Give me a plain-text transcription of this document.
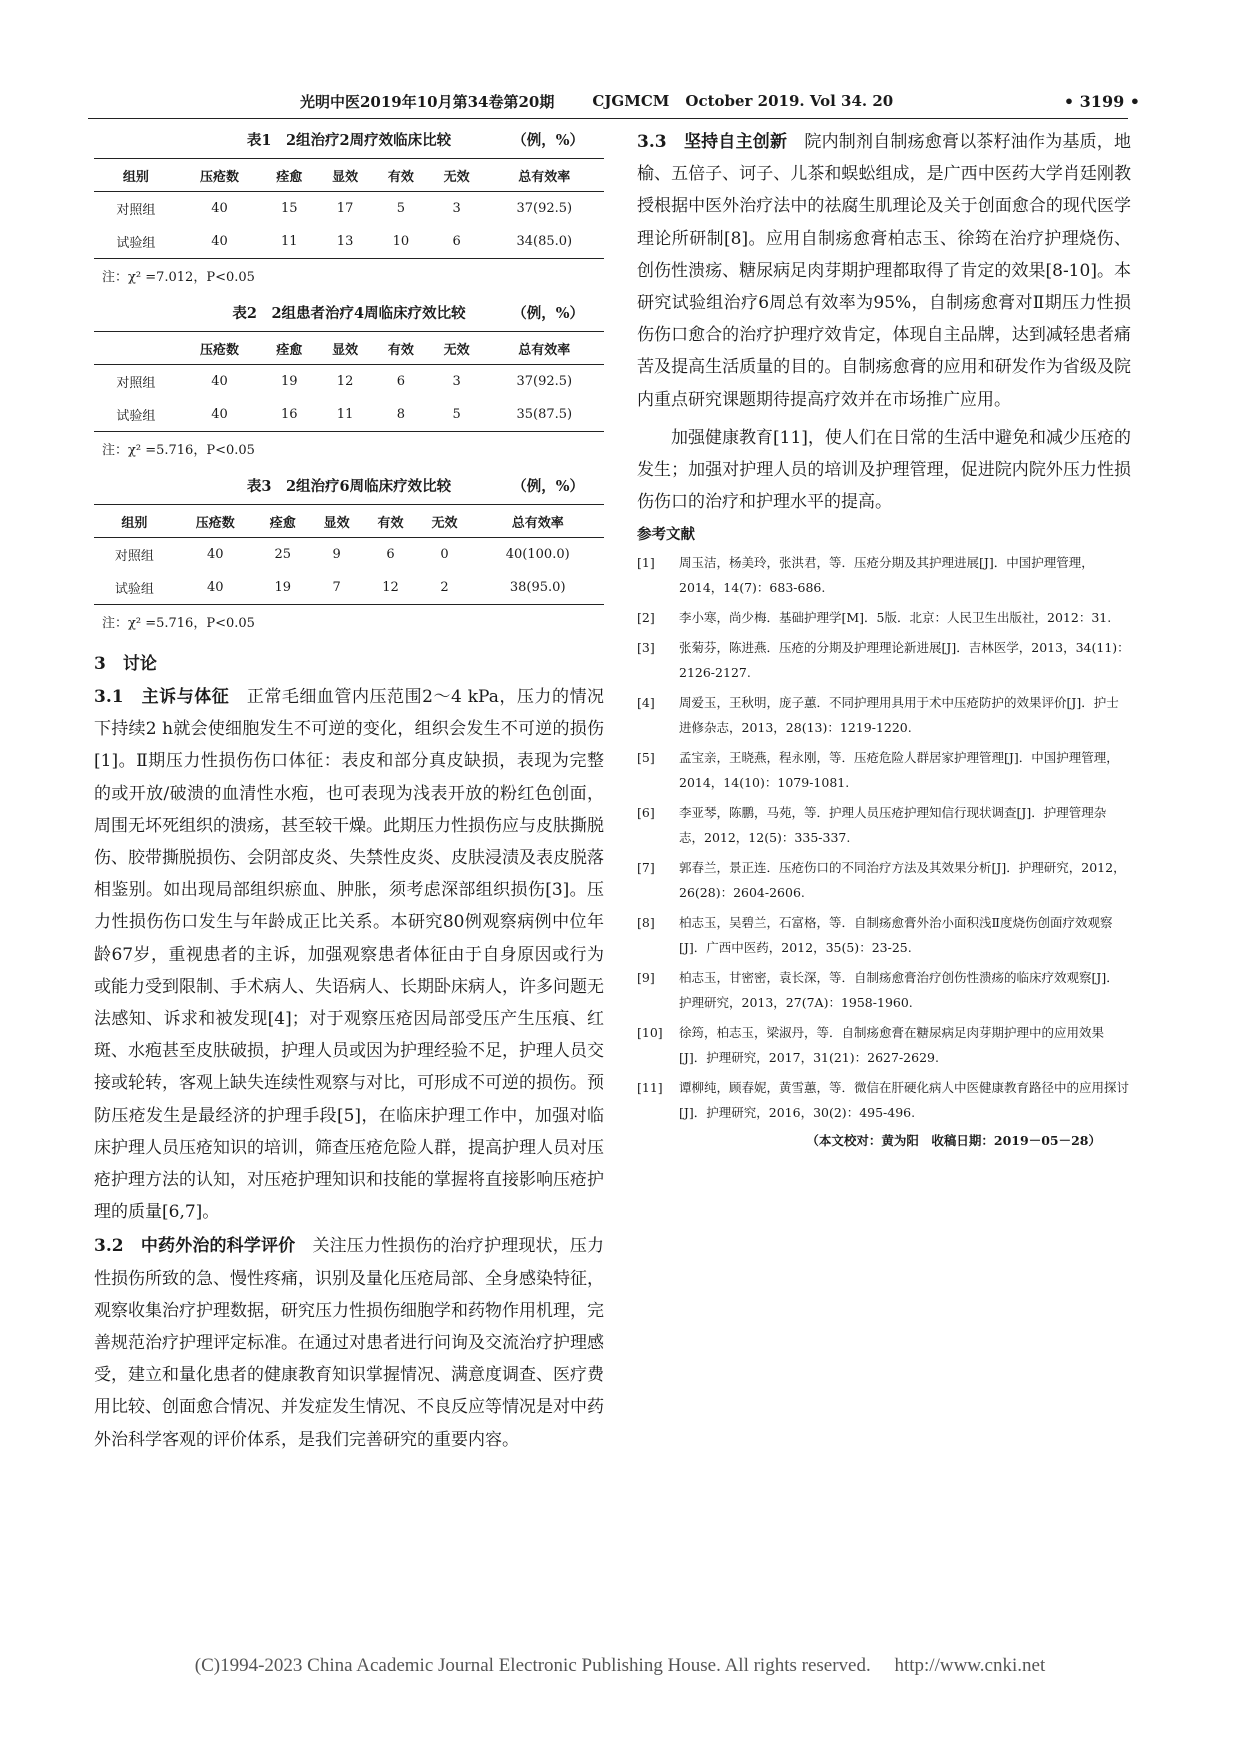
光明中医2019年10月第34卷第20期	CJGMCM October 2019. Vol 34. 20	• 3199 •
表1　2组治疗2周疗效临床比较	（例，%）
组别	压疮数	痊愈	显效	有效	无效	总有效率
对照组	40	15	17	5	3	37(92.5)
试验组	40	11	13	10	6	34(85.0)
注：χ² =7.012，P<0.05
表2　2组患者治疗4周临床疗效比较	（例，%）
	压疮数	痊愈	显效	有效	无效	总有效率
对照组	40	19	12	6	3	37(92.5)
试验组	40	16	11	8	5	35(87.5)
注：χ² =5.716，P<0.05
表3　2组治疗6周临床疗效比较	（例，%）
组别	压疮数	痊愈	显效	有效	无效	总有效率
对照组	40	25	9	6	0	40(100.0)
试验组	40	19	7	12	2	38(95.0)
注：χ² =5.716，P<0.05
3　讨论

3.1　主诉与体征　 正常毛细血管内压范围2～4 kPa，压力的情况下持续2 h就会使细胞发生不可逆的变化，组织会发生不可逆的损伤[1]。Ⅱ期压力性损伤伤口体征：表皮和部分真皮缺损，表现为完整的或开放/破溃的血清性水疱，也可表现为浅表开放的粉红色创面，周围无坏死组织的溃疡，甚至较干燥。此期压力性损伤应与皮肤撕脱伤、胶带撕脱损伤、会阴部皮炎、失禁性皮炎、皮肤浸渍及表皮脱落相鉴别。如出现局部组织瘀血、肿胀，须考虑深部组织损伤[3]。压力性损伤伤口发生与年龄成正比关系。本研究80例观察病例中位年龄67岁，重视患者的主诉，加强观察患者体征由于自身原因或行为或能力受到限制、手术病人、失语病人、长期卧床病人，许多问题无法感知、诉求和被发现[4]；对于观察压疮因局部受压产生压痕、红斑、水疱甚至皮肤破损，护理人员或因为护理经验不足，护理人员交接或轮转，客观上缺失连续性观察与对比，可形成不可逆的损伤。预防压疮发生是最经济的护理手段[5]，在临床护理工作中，加强对临床护理人员压疮知识的培训，筛查压疮危险人群，提高护理人员对压疮护理方法的认知，对压疮护理知识和技能的掌握将直接影响压疮护理的质量[6,7]。

3.2　中药外治的科学评价　 关注压力性损伤的治疗护理现状，压力性损伤所致的急、慢性疼痛，识别及量化压疮局部、全身感染特征，观察收集治疗护理数据，研究压力性损伤细胞学和药物作用机理，完善规范治疗护理评定标准。在通过对患者进行问询及交流治疗护理感受，建立和量化患者的健康教育知识掌握情况、满意度调查、医疗费用比较、创面愈合情况、并发症发生情况、不良反应等情况是对中药外治科学客观的评价体系，是我们完善研究的重要内容。

3.3　坚持自主创新　 院内制剂自制疡愈膏以茶籽油作为基质，地榆、五倍子、诃子、儿茶和蜈蚣组成，是广西中医药大学肖廷刚教授根据中医外治疗法中的祛腐生肌理论及关于创面愈合的现代医学理论所研制[8]。应用自制疡愈膏柏志玉、徐筠在治疗护理烧伤、创伤性溃疡、糖尿病足肉芽期护理都取得了肯定的效果[8-10]。本研究试验组治疗6周总有效率为95%，自制疡愈膏对Ⅱ期压力性损伤伤口愈合的治疗护理疗效肯定，体现自主品牌，达到减轻患者痛苦及提高生活质量的目的。自制疡愈膏的应用和研发作为省级及院内重点研究课题期待提高疗效并在市场推广应用。

加强健康教育[11]，使人们在日常的生活中避免和减少压疮的发生；加强对护理人员的培训及护理管理，促进院内院外压力性损伤伤口的治疗和护理水平的提高。

参考文献
[1]	周玉洁，杨美玲，张洪君，等．压疮分期及其护理进展[J]．中国护理管理，2014，14(7)：683-686.
[2]	李小寒，尚少梅．基础护理学[M]．5版．北京：人民卫生出版社，2012：31.
[3]	张菊芬，陈进燕．压疮的分期及护理理论新进展[J]．吉林医学，2013，34(11)：2126-2127.
[4]	周爱玉，王秋明，庞子蕙．不同护理用具用于术中压疮防护的效果评价[J]．护士进修杂志，2013，28(13)：1219-1220.
[5]	孟宝亲，王晓燕，程永刚，等．压疮危险人群居家护理管理[J]．中国护理管理，2014，14(10)：1079-1081.
[6]	李亚琴，陈鹏，马苑，等．护理人员压疮护理知信行现状调查[J]．护理管理杂志，2012，12(5)：335-337.
[7]	郭春兰，景正连．压疮伤口的不同治疗方法及其效果分析[J]．护理研究，2012，26(28)：2604-2606.
[8]	柏志玉，吴碧兰，石富格，等．自制疡愈膏外治小面积浅Ⅱ度烧伤创面疗效观察[J]．广西中医药，2012，35(5)：23-25.
[9]	柏志玉，甘密密，袁长深，等．自制疡愈膏治疗创伤性溃疡的临床疗效观察[J]．护理研究，2013，27(7A)：1958-1960.
[10]	徐筠，柏志玉，梁淑丹，等．自制疡愈膏在糖尿病足肉芽期护理中的应用效果[J]．护理研究，2017，31(21)：2627-2629.
[11]	谭柳纯，顾春妮，黄雪蕙，等．微信在肝硬化病人中医健康教育路径中的应用探讨[J]．护理研究，2016，30(2)：495-496.
（本文校对：黄为阳　收稿日期：2019－05－28）
(C)1994-2023 China Academic Journal Electronic Publishing House. All rights reserved.　 http://www.cnki.net
